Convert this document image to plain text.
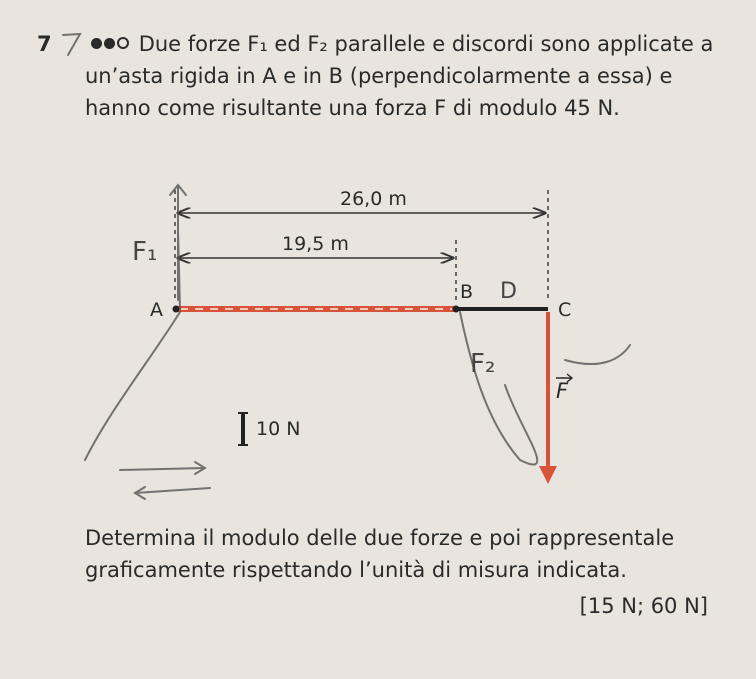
7	Due forze F₁ ed F₂ parallele e discordi sono applicate a un’asta rigida in A e in B (perpendicolarmente a essa) e hanno come risultante una forza F di modulo 45 N.
26,0 m
19,5 m
A
B
C
F
10 N
F₁
F₂
D
Determina il modulo delle due forze e poi rappresentale graficamente rispettando l’unità di misura indicata.
[15 N; 60 N]
